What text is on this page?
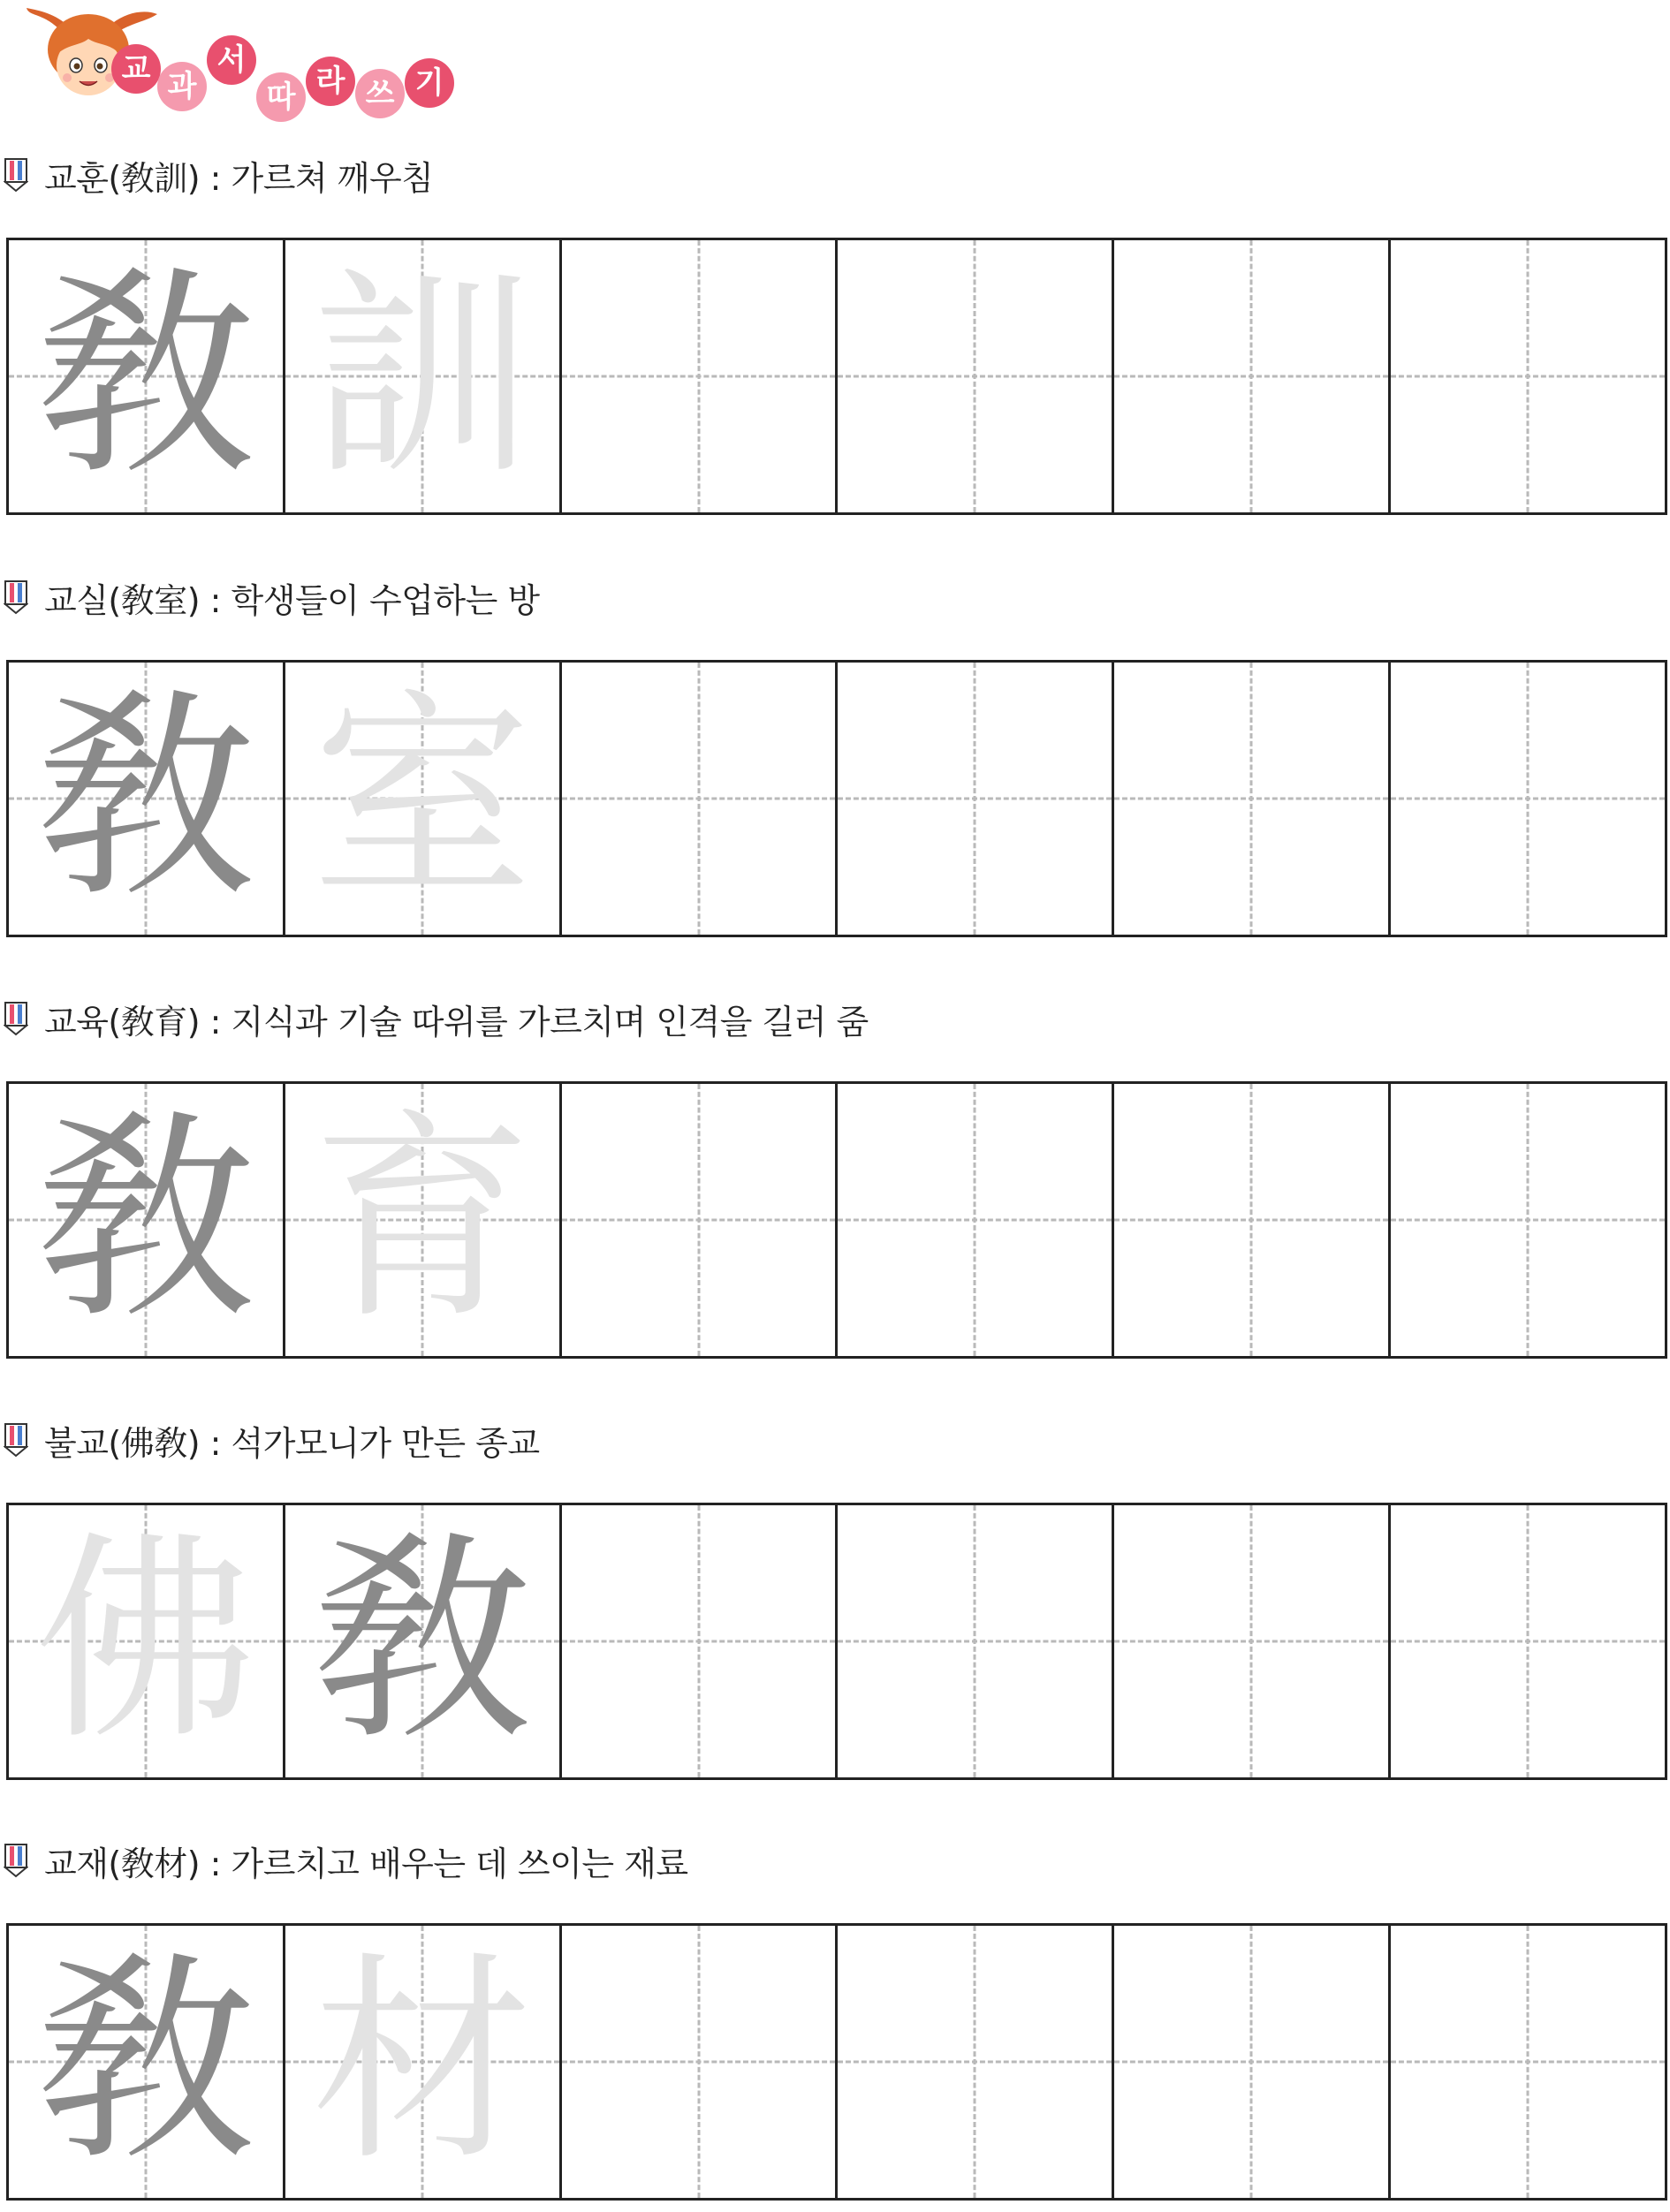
교 과
서
따 라 쓰 기
교훈(敎訓) : 가르쳐 깨우침
敎 訓
교실(敎室) : 학생들이 수업하는 방
敎 室
교육(敎育) : 지식과 기술 따위를 가르치며 인격을 길러 줌
敎 育
불교(佛敎) : 석가모니가 만든 종교
佛 敎
교재(敎材) : 가르치고 배우는 데 쓰이는 재료
敎 材
